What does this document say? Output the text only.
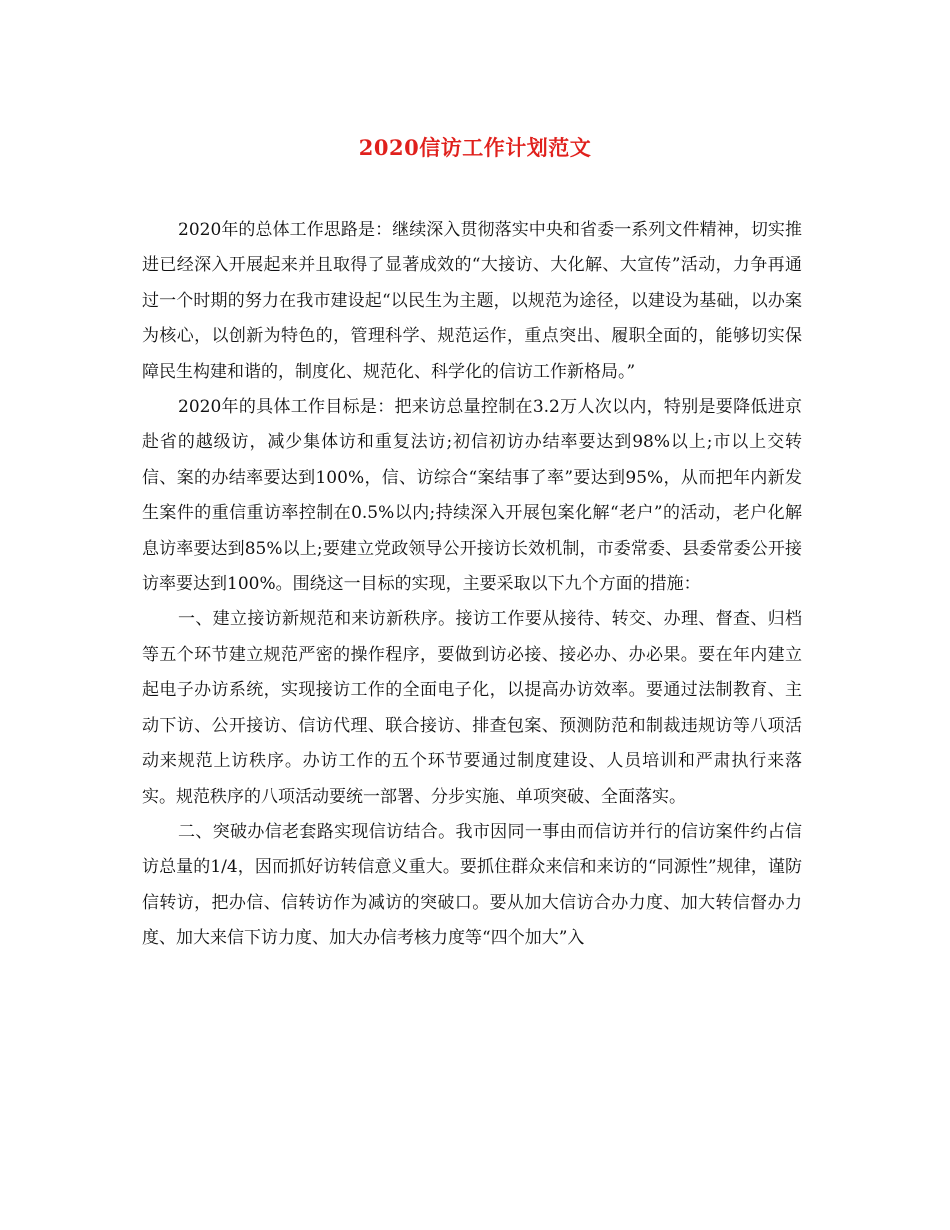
2020信访工作计划范文

2020年的总体工作思路是：继续深入贯彻落实中央和省委一系列文件精神，切实推进已经深入开展起来并且取得了显著成效的“大接访、大化解、大宣传”活动，力争再通过一个时期的努力在我市建设起“以民生为主题，以规范为途径，以建设为基础，以办案为核心，以创新为特色的，管理科学、规范运作，重点突出、履职全面的，能够切实保障民生构建和谐的，制度化、规范化、科学化的信访工作新格局。”

2020年的具体工作目标是：把来访总量控制在3.2万人次以内，特别是要降低进京赴省的越级访，减少集体访和重复法访;初信初访办结率要达到98%以上;市以上交转信、案的办结率要达到100%，信、访综合“案结事了率”要达到95%，从而把年内新发生案件的重信重访率控制在0.5%以内;持续深入开展包案化解“老户”的活动，老户化解息访率要达到85%以上;要建立党政领导公开接访长效机制，市委常委、县委常委公开接访率要达到100%。围绕这一目标的实现，主要采取以下九个方面的措施：

一、建立接访新规范和来访新秩序。接访工作要从接待、转交、办理、督查、归档等五个环节建立规范严密的操作程序，要做到访必接、接必办、办必果。要在年内建立起电子办访系统，实现接访工作的全面电子化，以提高办访效率。要通过法制教育、主动下访、公开接访、信访代理、联合接访、排查包案、预测防范和制裁违规访等八项活动来规范上访秩序。办访工作的五个环节要通过制度建设、人员培训和严肃执行来落实。规范秩序的八项活动要统一部署、分步实施、单项突破、全面落实。

二、突破办信老套路实现信访结合。我市因同一事由而信访并行的信访案件约占信访总量的1/4，因而抓好访转信意义重大。要抓住群众来信和来访的“同源性”规律，谨防信转访，把办信、信转访作为减访的突破口。要从加大信访合办力度、加大转信督办力度、加大来信下访力度、加大办信考核力度等“四个加大”入
